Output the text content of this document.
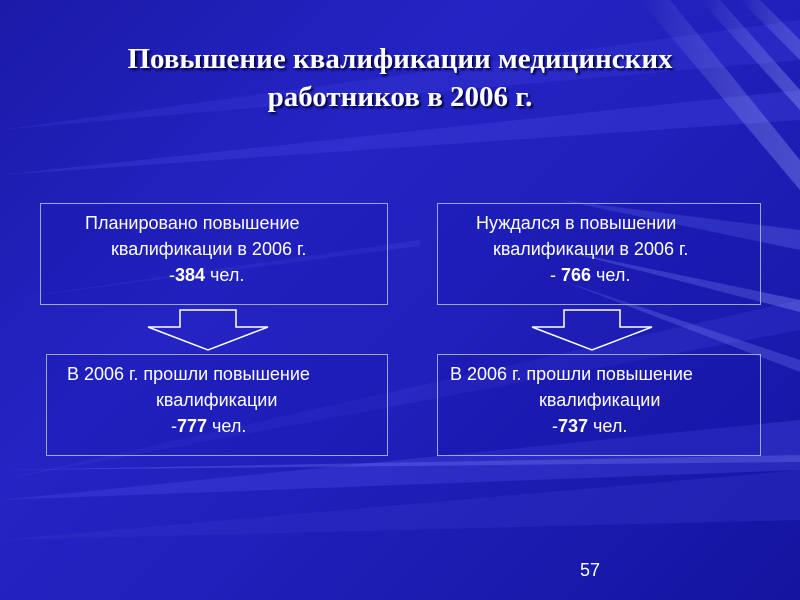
Повышение квалификации медицинских
работников в 2006 г.
Планировано повышение
квалификации в 2006 г.
-384 чел.
Нуждался в повышении
квалификации в 2006 г.
- 766 чел.
В 2006 г. прошли повышение
квалификации
-777 чел.
В 2006 г. прошли повышение
квалификации
-737 чел.
57
